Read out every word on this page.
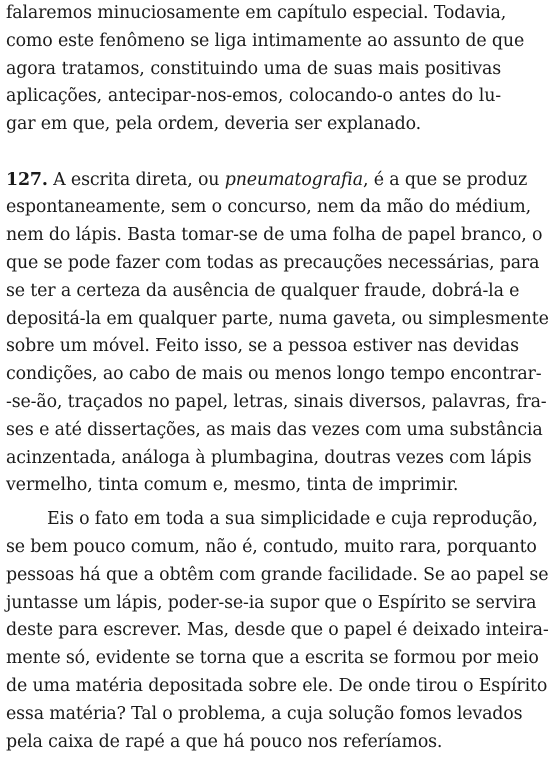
falaremos minuciosamente em capítulo especial. Todavia,
como este fenômeno se liga intimamente ao assunto de que
agora tratamos, constituindo uma de suas mais positivas
aplicações, antecipar-nos-emos, colocando-o antes do lu-
gar em que, pela ordem, deveria ser explanado.
127. A escrita direta, ou pneumatografia, é a que se produz
espontaneamente, sem o concurso, nem da mão do médium,
nem do lápis. Basta tomar-se de uma folha de papel branco, o
que se pode fazer com todas as precauções necessárias, para
se ter a certeza da ausência de qualquer fraude, dobrá-la e
depositá-la em qualquer parte, numa gaveta, ou simplesmente
sobre um móvel. Feito isso, se a pessoa estiver nas devidas
condições, ao cabo de mais ou menos longo tempo encontrar-
-se-ão, traçados no papel, letras, sinais diversos, palavras, fra-
ses e até dissertações, as mais das vezes com uma substância
acinzentada, análoga à plumbagina, doutras vezes com lápis
vermelho, tinta comum e, mesmo, tinta de imprimir.
Eis o fato em toda a sua simplicidade e cuja reprodução,
se bem pouco comum, não é, contudo, muito rara, porquanto
pessoas há que a obtêm com grande facilidade. Se ao papel se
juntasse um lápis, poder-se-ia supor que o Espírito se servira
deste para escrever. Mas, desde que o papel é deixado inteira-
mente só, evidente se torna que a escrita se formou por meio
de uma matéria depositada sobre ele. De onde tirou o Espírito
essa matéria? Tal o problema, a cuja solução fomos levados
pela caixa de rapé a que há pouco nos referíamos.
